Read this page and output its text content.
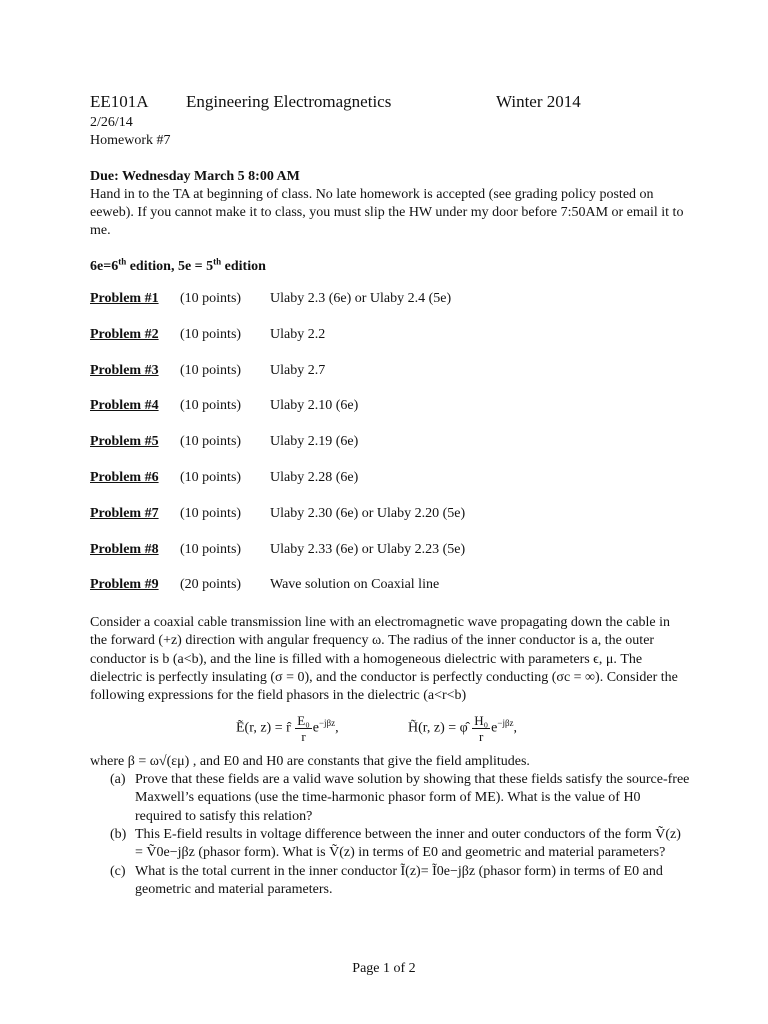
EE101A Engineering Electromagnetics	Winter 2014
2/26/14
Homework #7
Due: Wednesday March 5 8:00 AM
Hand in to the TA at beginning of class. No late homework is accepted (see grading policy posted on eeweb). If you cannot make it to class, you must slip the HW under my door before 7:50AM or email it to me.
6e=6th edition, 5e = 5th edition
Problem #1 (10 points) Ulaby 2.3 (6e) or Ulaby 2.4 (5e)
Problem #2 (10 points) Ulaby 2.2
Problem #3 (10 points) Ulaby 2.7
Problem #4 (10 points) Ulaby 2.10 (6e)
Problem #5 (10 points) Ulaby 2.19 (6e)
Problem #6 (10 points) Ulaby 2.28 (6e)
Problem #7 (10 points) Ulaby 2.30 (6e) or Ulaby 2.20 (5e)
Problem #8 (10 points) Ulaby 2.33 (6e) or Ulaby 2.23 (5e)
Problem #9 (20 points) Wave solution on Coaxial line
Consider a coaxial cable transmission line with an electromagnetic wave propagating down the cable in the forward (+z) direction with angular frequency ω. The radius of the inner conductor is a, the outer conductor is b (a<b), and the line is filled with a homogeneous dielectric with parameters ϵ, μ. The dielectric is perfectly insulating (σ = 0), and the conductor is perfectly conducting (σc = ∞). Consider the following expressions for the field phasors in the dielectric (a<r<b)
Ẽ(r, z) = r̂ $\frac{\text{E₀}}{r} e^{-j\beta z}$,	H̃(r, z) = φ̂ $\frac{\text{H₀}}{r} e^{-j\beta z}$,
where β = ω√(εμ) , and E0 and H0 are constants that give the field amplitudes.
(a) Prove that these fields are a valid wave solution by showing that these fields satisfy the source-free Maxwell’s equations (use the time-harmonic phasor form of ME). What is the value of H0 required to satisfy this relation?
(b) This E-field results in voltage difference between the inner and outer conductors of the form Ṽ(z) = Ṽ0e−jβz (phasor form). What is Ṽ(z) in terms of E0 and geometric and material parameters?
(c) What is the total current in the inner conductor Ĩ(z)= Ĩ0e−jβz (phasor form) in terms of E0 and geometric and material parameters.
Page 1 of 2
